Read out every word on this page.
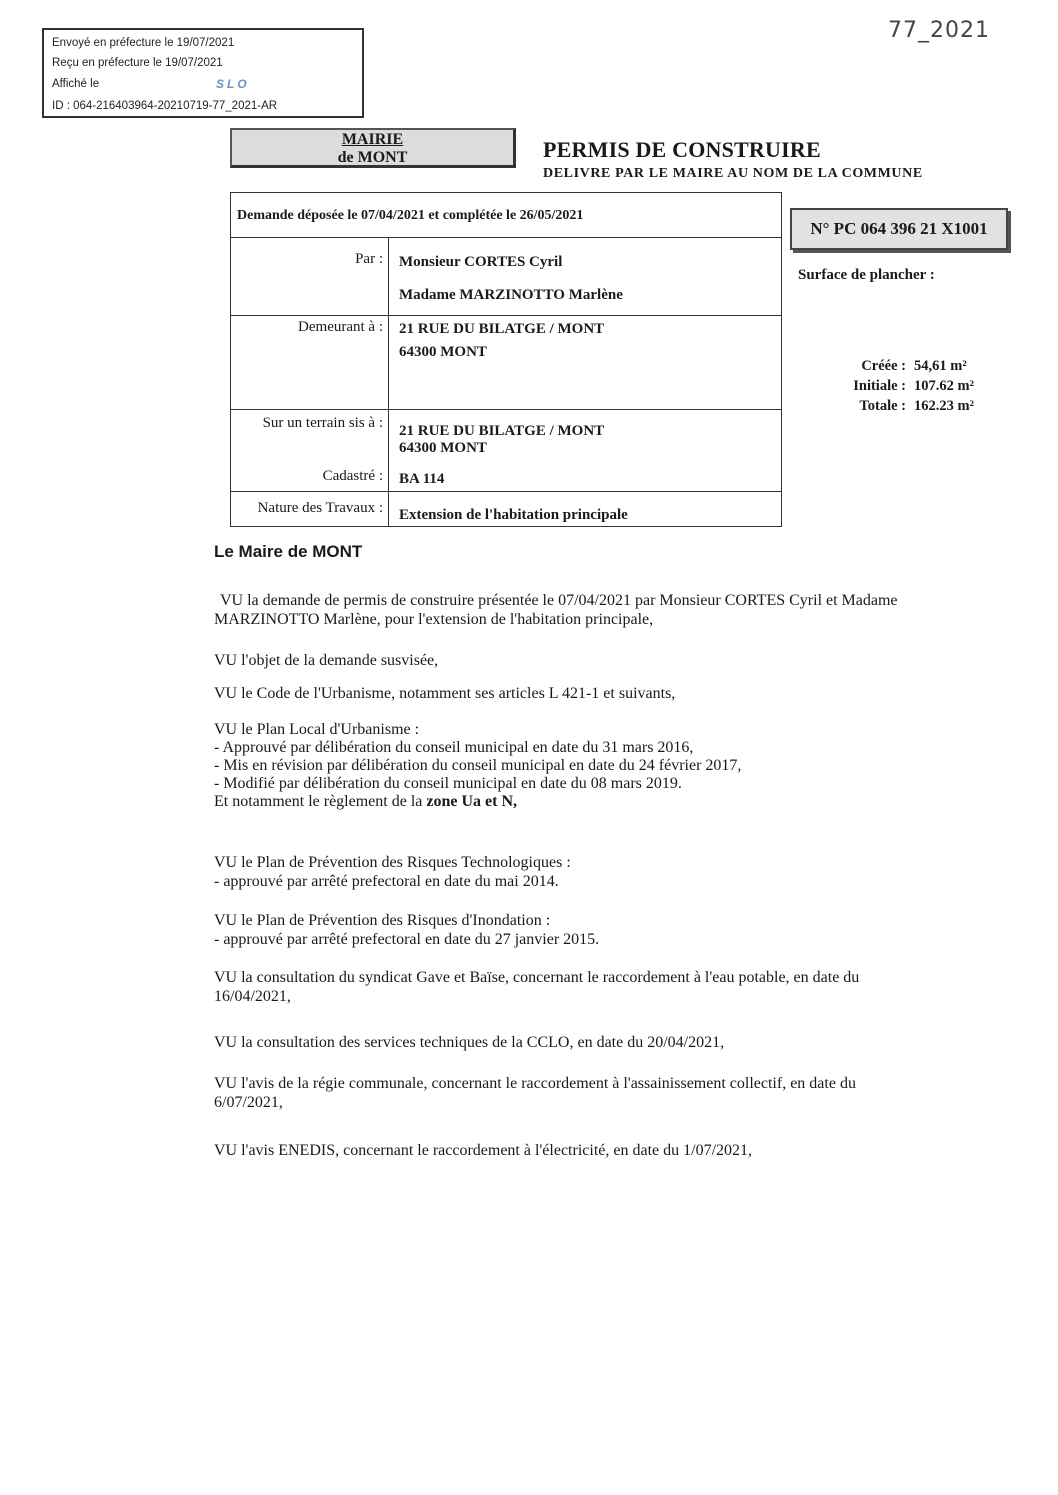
Envoyé en préfecture le 19/07/2021
Reçu en préfecture le 19/07/2021
Affiché le	SLO
ID : 064-216403964-20210719-77_2021-AR
77_2021
MAIRIE
de MONT	PERMIS DE CONSTRUIRE
DELIVRE PAR LE MAIRE AU NOM DE LA COMMUNE
Demande déposée le 07/04/2021 et complétée le 26/05/2021
Par : Monsieur CORTES Cyril
Madame MARZINOTTO Marlène
Demeurant à : 21 RUE DU BILATGE / MONT
64300 MONT
Sur un terrain sis à : 21 RUE DU BILATGE / MONT
64300 MONT
Cadastré : BA 114
Nature des Travaux : Extension de l'habitation principale
N° PC 064 396 21 X1001
Surface de plancher :
Créée : 54,61 m²
Initiale : 107.62 m²
Totale : 162.23 m²
Le Maire de MONT
VU la demande de permis de construire présentée le 07/04/2021 par Monsieur CORTES Cyril et Madame
MARZINOTTO Marlène, pour l'extension de l'habitation principale,
VU l'objet de la demande susvisée,
VU le Code de l'Urbanisme, notamment ses articles L 421-1 et suivants,
VU le Plan Local d'Urbanisme :
- Approuvé par délibération du conseil municipal en date du 31 mars 2016,
- Mis en révision par délibération du conseil municipal en date du 24 février 2017,
- Modifié par délibération du conseil municipal en date du 08 mars 2019.
Et notamment le règlement de la zone Ua et N,
VU le Plan de Prévention des Risques Technologiques :
- approuvé par arrêté prefectoral en date du mai 2014.
VU le Plan de Prévention des Risques d'Inondation :
- approuvé par arrêté prefectoral en date du 27 janvier 2015.
VU la consultation du syndicat Gave et Baïse, concernant le raccordement à l'eau potable, en date du
16/04/2021,
VU la consultation des services techniques de la CCLO, en date du 20/04/2021,
VU l'avis de la régie communale, concernant le raccordement à l'assainissement collectif, en date du
6/07/2021,
VU l'avis ENEDIS, concernant le raccordement à l'électricité, en date du 1/07/2021,
